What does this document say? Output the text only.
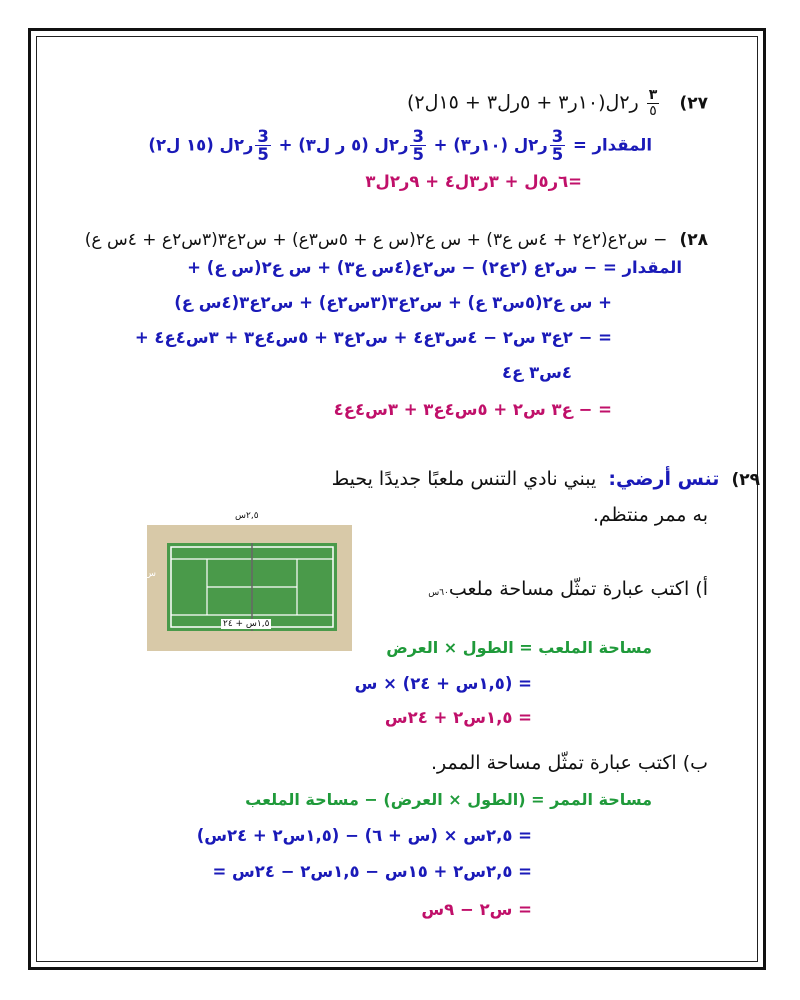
٢٧)
$\frac{٣}{٥}$
ر٢ل(١٠ر٣ + ٥رل٣ + ١٥ل٢)
المقدار =
$\frac{3}{5}$
ر٢ل (١٠ر٣) +
$\frac{3}{5}$
ر٢ل (٥ ر ل٣) +
$\frac{3}{5}$
ر٢ل (١٥ ل٢)
=٦ر٥ل + ٣ر٣ل٤ + ٩ر٢ل٣
٢٨)  − س٢ع(٢ع٢ + ٤س ع٣) + س ع٢(س ع + ٥س٣ع) + س٢ع٣(٣س٢ع + ٤س ع)
المقدار = − س٢ع (٢ع٢) − س٢ع(٤س ع٣) + س ع٢(س ع) +
+ س ع٢(٥س٣ ع) + س٢ع٣(٣س٢ع) + س٢ع٣(٤س ع)
= − ٢ع٣ س٢ − ٤س٣ع٤ + س٢ع٣ + ٥س٤ع٣ + ٣س٤ع٤ +
٤س٣ ع٤
= − ع٣ س٢ + ٥س٤ع٣ + ٣س٤ع٤
٢٩)  تنس أرضي:  يبني نادي التنس ملعبًا جديدًا يحيط
به ممر منتظم.
٢,٥س
س
١,٥س + ٢٤
أ) اكتب عبارة تمثّل مساحة ملعب٦٠س
مساحة الملعب = الطول × العرض
= (١,٥س + ٢٤) × س
= ١,٥س٢ + ٢٤س
ب) اكتب عبارة تمثّل مساحة الممر.
مساحة الممر = (الطول × العرض) − مساحة الملعب
= ٢,٥س × (س + ٦) − (١,٥س٢ + ٢٤س)
= ٢,٥س٢ + ١٥س − ١,٥س٢ − ٢٤س =
= س٢ − ٩س
